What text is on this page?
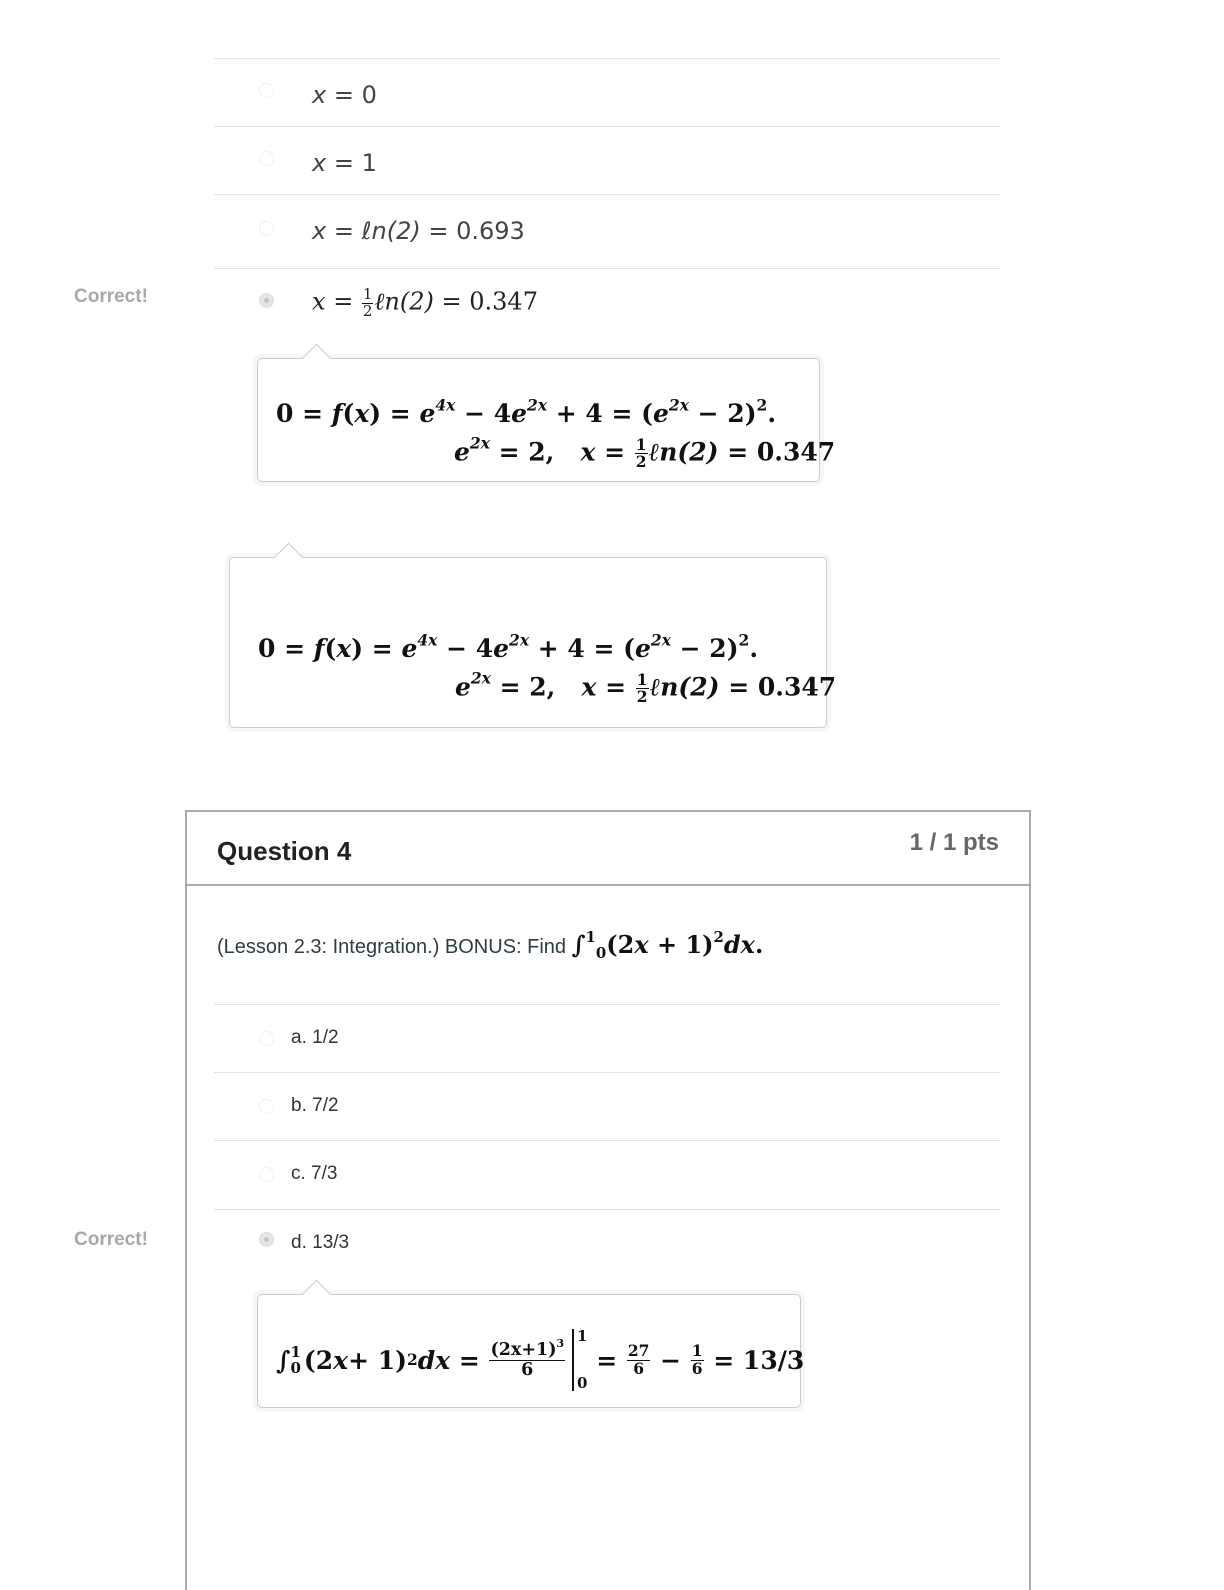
x = 0
x = 1
x = ℓn(2) = 0.693
Correct!	$x = \frac{1}{2}$ ℓn(2) = 0.347
$0 = f(x) = e^{4x} - 4e^{2x} + 4 = (e^{2x} - 2)^2$.
$e^{2x} = 2$, $x = \frac{1}{2}$ ℓn(2) = 0.347
$0 = f(x) = e^{4x} - 4e^{2x} + 4 = (e^{2x} - 2)^2$.
$e^{2x} = 2$, $x = \frac{1}{2}$ ℓn(2) = 0.347
Question 4	1 / 1 pts
(Lesson 2.3: Integration.) BONUS: Find $\int^1_0(2x + 1)^2dx$.
a. 1/2
b. 7/2
c. 7/3
Correct!	d. 13/3
∫ 1
0 (2 x + 1) 2 dx = $\frac{(2x+1)^3}{6}$
1
0
= $\frac{27}{6} - \frac{1}{6} = 13/3$
